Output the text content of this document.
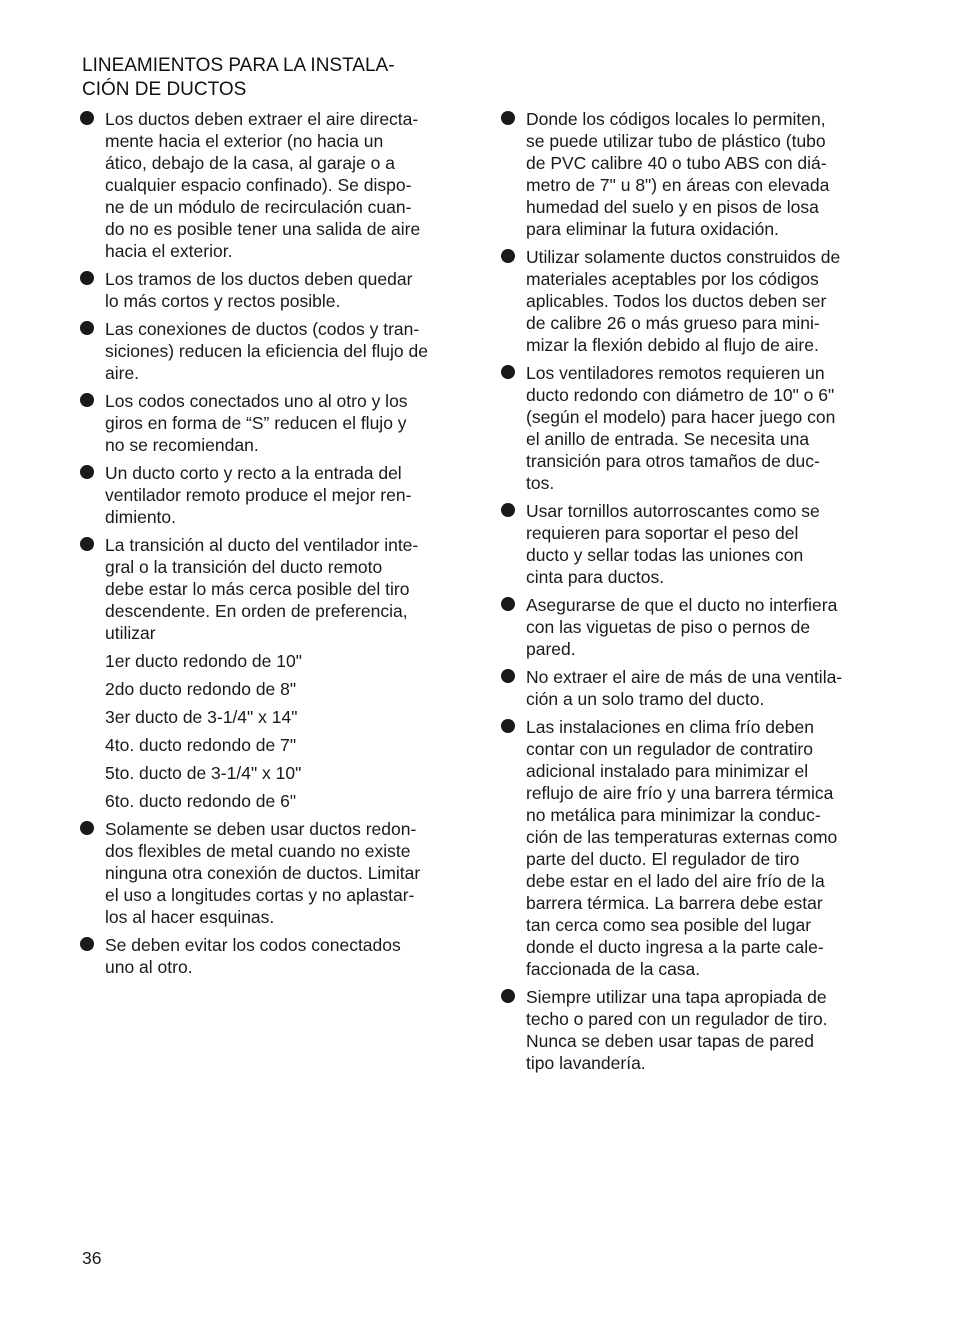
LINEAMIENTOS PARA LA INSTALA-
CIÓN DE DUCTOS
Los ductos deben extraer el aire directa-
mente hacia el exterior (no hacia un
ático, debajo de la casa, al garaje o a
cualquier espacio confinado). Se dispo-
ne de un módulo de recirculación cuan-
do no es posible tener una salida de aire
hacia el exterior.
Los tramos de los ductos deben quedar
lo más cortos y rectos posible.
Las conexiones de ductos (codos y tran-
siciones) reducen la eficiencia del flujo de
aire.
Los codos conectados uno al otro y los
giros en forma de “S” reducen el flujo y
no se recomiendan.
Un ducto corto y recto a la entrada del
ventilador remoto produce el mejor ren-
dimiento.
La transición al ducto del ventilador inte-
gral o la transición del ducto remoto
debe estar lo más cerca posible del tiro
descendente. En orden de preferencia,
utilizar
1er ducto redondo de 10"
2do ducto redondo de 8"
3er ducto de 3-1/4" x 14"
4to. ducto redondo de 7"
5to. ducto de 3-1/4" x 10"
6to. ducto redondo de 6"
Solamente se deben usar ductos redon-
dos flexibles de metal cuando no existe
ninguna otra conexión de ductos. Limitar
el uso a longitudes cortas y no aplastar-
los al hacer esquinas.
Se deben evitar los codos conectados
uno al otro.
Donde los códigos locales lo permiten,
se puede utilizar tubo de plástico (tubo
de PVC calibre 40 o tubo ABS con diá-
metro de 7" u 8") en áreas con elevada
humedad del suelo y en pisos de losa
para eliminar la futura oxidación.
Utilizar solamente ductos construidos de
materiales aceptables por los códigos
aplicables. Todos los ductos deben ser
de calibre 26 o más grueso para mini-
mizar la flexión debido al flujo de aire.
Los ventiladores remotos requieren un
ducto redondo con diámetro de 10" o 6"
(según el modelo) para hacer juego con
el anillo de entrada. Se necesita una
transición para otros tamaños de duc-
tos.
Usar tornillos autorroscantes como se
requieren para soportar el peso del
ducto y sellar todas las uniones con
cinta para ductos.
Asegurarse de que el ducto no interfiera
con las viguetas de piso o pernos de
pared.
No extraer el aire de más de una ventila-
ción a un solo tramo del ducto.
Las instalaciones en clima frío deben
contar con un regulador de contratiro
adicional instalado para minimizar el
reflujo de aire frío y una barrera térmica
no metálica para minimizar la conduc-
ción de las temperaturas externas como
parte del ducto. El regulador de tiro
debe estar en el lado del aire frío de la
barrera térmica. La barrera debe estar
tan cerca como sea posible del lugar
donde el ducto ingresa a la parte cale-
faccionada de la casa.
Siempre utilizar una tapa apropiada de
techo o pared con un regulador de tiro.
Nunca se deben usar tapas de pared
tipo lavandería.
36
